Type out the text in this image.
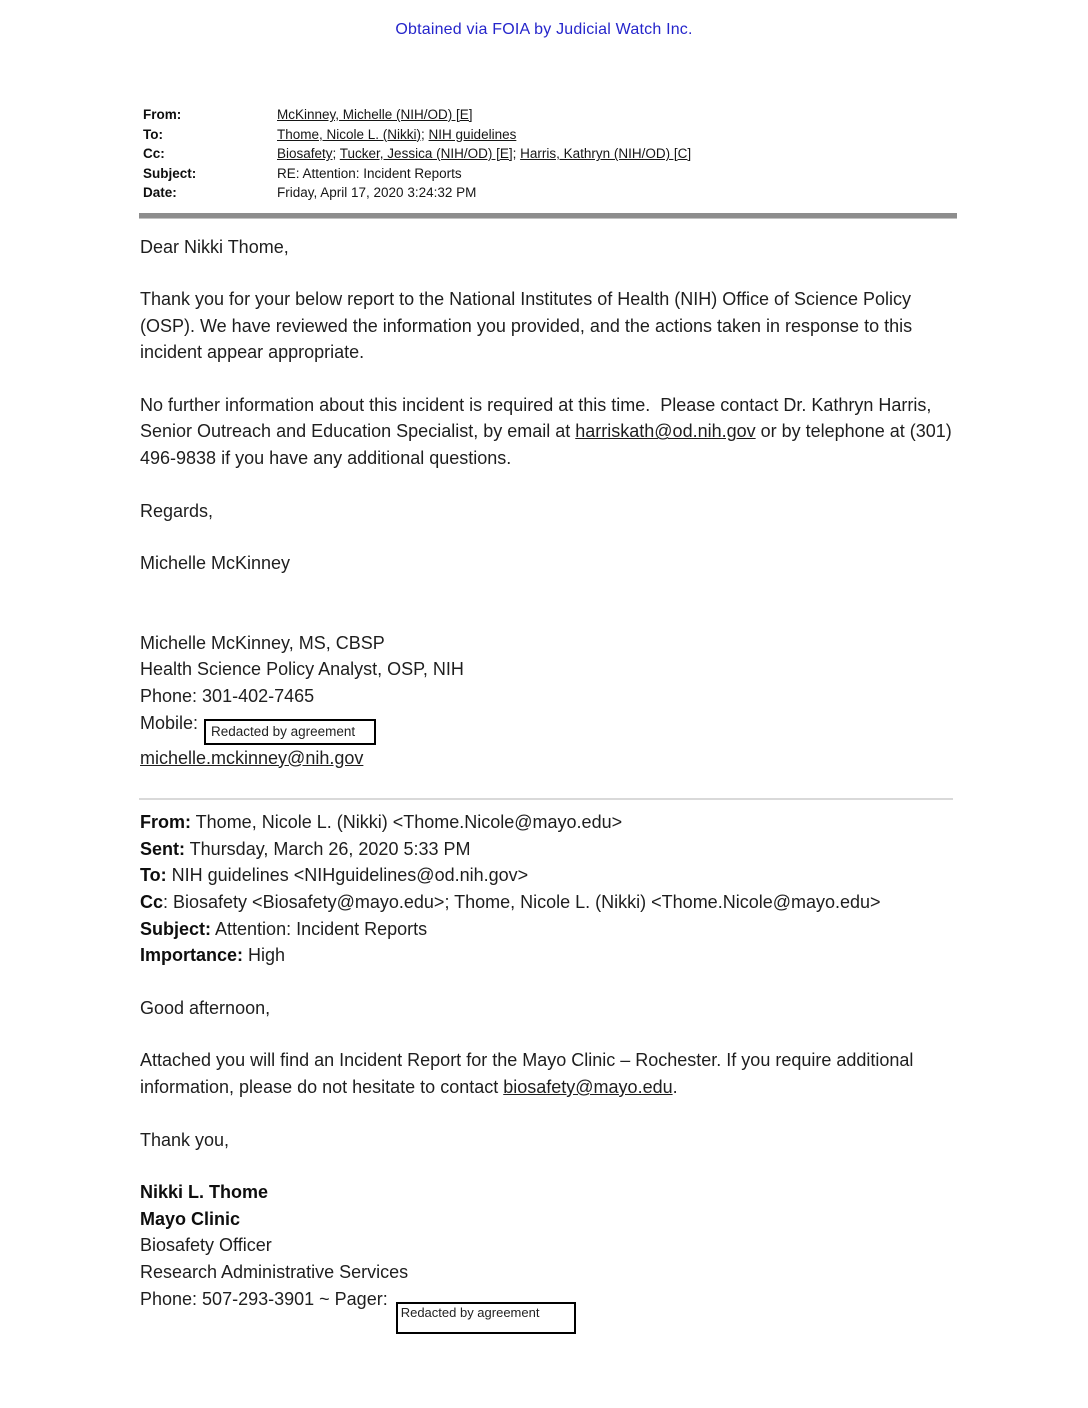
Obtained via FOIA by Judicial Watch Inc.
From:	McKinney, Michelle (NIH/OD) [E]
To:	Thome, Nicole L. (Nikki); NIH guidelines
Cc:	Biosafety; Tucker, Jessica (NIH/OD) [E]; Harris, Kathryn (NIH/OD) [C]
Subject:	RE: Attention: Incident Reports
Date:	Friday, April 17, 2020 3:24:32 PM

Dear Nikki Thome,

Thank you for your below report to the National Institutes of Health (NIH) Office of Science Policy (OSP). We have reviewed the information you provided, and the actions taken in response to this incident appear appropriate.

No further information about this incident is required at this time.  Please contact Dr. Kathryn Harris, Senior Outreach and Education Specialist, by email at harriskath@od.nih.gov or by telephone at (301) 496-9838 if you have any additional questions.

Regards,

Michelle McKinney

Michelle McKinney, MS, CBSP
Health Science Policy Analyst, OSP, NIH
Phone: 301-402-7465
Mobile: Redacted by agreement
michelle.mckinney@nih.gov
From: Thome, Nicole L. (Nikki) <Thome.Nicole@mayo.edu>
Sent: Thursday, March 26, 2020 5:33 PM
To: NIH guidelines <NIHguidelines@od.nih.gov>
Cc: Biosafety <Biosafety@mayo.edu>; Thome, Nicole L. (Nikki) <Thome.Nicole@mayo.edu>
Subject: Attention: Incident Reports
Importance: High

Good afternoon,

Attached you will find an Incident Report for the Mayo Clinic – Rochester. If you require additional information, please do not hesitate to contact biosafety@mayo.edu.

Thank you,

Nikki L. Thome
Mayo Clinic
Biosafety Officer
Research Administrative Services
Phone: 507-293-3901 ~ Pager:Redacted by agreement
